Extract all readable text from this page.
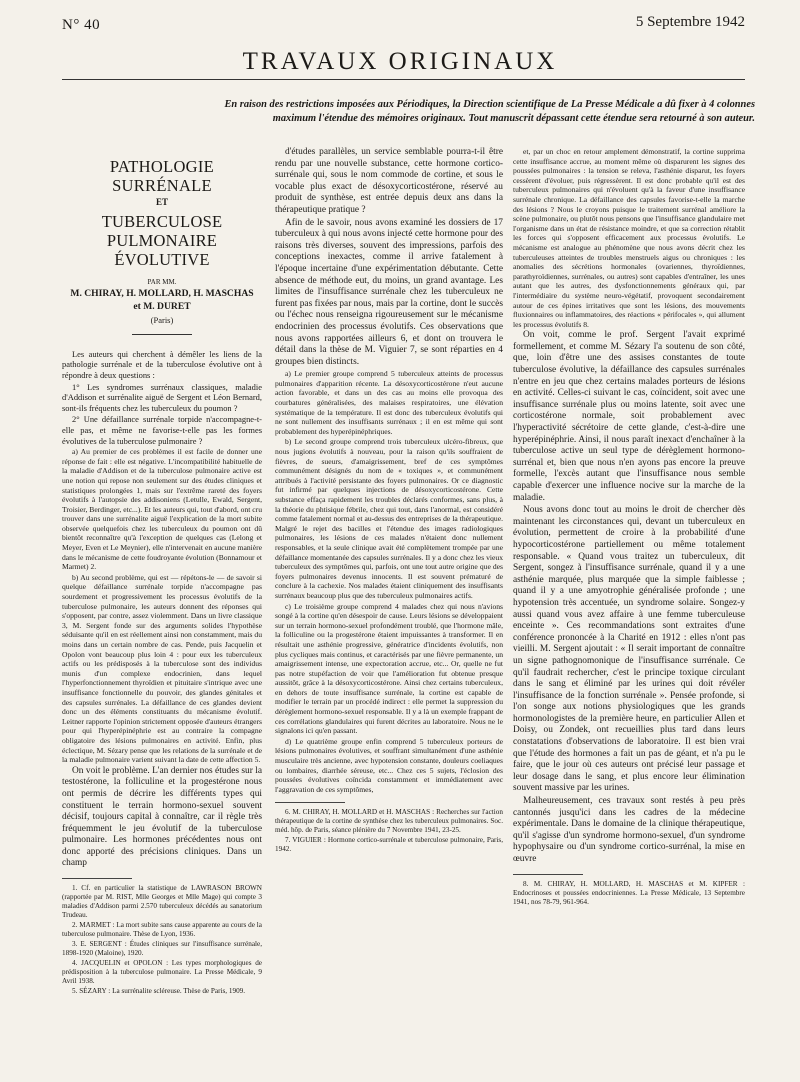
N° 40	5 Septembre 1942
TRAVAUX ORIGINAUX
En raison des restrictions imposées aux Périodiques, la Direction scientifique de La Presse Médicale a dû fixer à 4 colonnes maximum l'étendue des mémoires originaux. Tout manuscrit dépassant cette étendue sera retourné à son auteur.
PATHOLOGIE SURRÉNALE
ET
TUBERCULOSE PULMONAIRE ÉVOLUTIVE
PAR MM.
M. CHIRAY, H. MOLLARD, H. MASCHAS
et M. DURET
(Paris)

Les auteurs qui cherchent à démêler les liens de la pathologie surrénale et de la tuberculose évolutive ont à répondre à deux questions :

1° Les syndromes surrénaux classiques, maladie d'Addison et surrénalite aiguë de Sergent et Léon Bernard, sont-ils fréquents chez les tuberculeux du poumon ?

2° Une défaillance surrénale torpide n'accompagne-t-elle pas, et même ne favorise-t-elle pas les formes évolutives de la tuberculose pulmonaire ?

a) Au premier de ces problèmes il est facile de donner une réponse de fait : elle est négative. L'incompatibilité habituelle de la maladie d'Addison et de la tuberculose pulmonaire active est une notion qui repose non seulement sur des études cliniques et statistiques prolongées 1, mais sur l'extrême rareté des foyers évolutifs à l'autopsie des addisoniens (Letulle, Ewald, Sergent, Troisier, Berdinger, etc...). Et les auteurs qui, tout d'abord, ont cru trouver dans une surrénalite aiguë l'explication de la mort subite observée quelquefois chez les tuberculeux du poumon ont dû bientôt reconnaître qu'à l'exception de quelques cas (Lelong et Meyer, Even et Le Meynier), elle n'intervenait en aucune manière dans le mécanisme de cette foudroyante évolution (Bonnamour et Marmet) 2.

b) Au second problème, qui est — répétons-le — de savoir si quelque défaillance surrénale torpide n'accompagne pas sourdement et progressivement les processus évolutifs de la tuberculose pulmonaire, les auteurs donnent des réponses qui s'opposent, par contre, assez violemment. Dans un livre classique 3, M. Sergent fonde sur des arguments solides l'hypothèse séduisante qu'il en est réellement ainsi non constamment, mais du moins dans un certain nombre de cas. Pende, puis Jacquelin et Opolon vont beaucoup plus loin 4 : pour eux les tuberculeux actifs ou les prédisposés à la tuberculose sont des individus munis d'un complexe endocrinien, dans lequel l'hyperfonctionnement thyroïdien et pituitaire s'intrique avec une insuffisance fonctionnelle du pouvoir, des glandes génitales et des capsules surrénales. La défaillance de ces glandes devient donc un des éléments constituants du mécanisme évolutif. Leitner rapporte l'opinion strictement opposée d'auteurs étrangers pour qui l'hyperépinéphrie est au contraire la compagne obligatoire des lésions pulmonaires en activité. Enfin, plus éclectique, M. Sézary pense que les relations de la surrénale et de la maladie pulmonaire varient suivant la date de cette affection 5.

On voit le problème. L'an dernier nos études sur la testostérone, la folliculine et la progestérone nous ont permis de décrire les différents types qui constituent le terrain hormono-sexuel souvent décisif, toujours capital à connaître, car il règle très fréquemment le jeu évolutif de la tuberculose pulmonaire. Les hormones précédentes nous ont donc apporté des précisions cliniques. Dans un champ

1. Cf. en particulier la statistique de LAWRASON BROWN (rapportée par M. RIST, Mlle Georges et Mlle Mage) qui compte 3 maladies d'Addison parmi 2.570 tuberculeux décédés au sanatorium Trudeau.

2. MARMET : La mort subite sans cause apparente au cours de la tuberculose pulmonaire. Thèse de Lyon, 1936.

3. E. SERGENT : Études cliniques sur l'insuffisance surrénale, 1898-1920 (Maloine), 1920.

4. JACQUELIN et OPOLON : Les types morphologiques de prédisposition à la tuberculose pulmonaire. La Presse Médicale, 9 Avril 1938.

5. SÉZARY : La surrénalite scléreuse. Thèse de Paris, 1909.

d'études parallèles, un service semblable pourra-t-il être rendu par une nouvelle substance, cette hormone cortico-surrénale qui, sous le nom commode de cortine, et sous le vocable plus exact de désoxycorticostérone, réservé au produit de synthèse, est entrée depuis deux ans dans la thérapeutique pratique ?

Afin de le savoir, nous avons examiné les dossiers de 17 tuberculeux à qui nous avons injecté cette hormone pour des raisons très diverses, souvent des impressions, parfois des conceptions inexactes, comme il arrive fatalement à l'époque incertaine d'une expérimentation débutante. Cette absence de méthode eut, du moins, un grand avantage. Les limites de l'insuffisance surrénale chez les tuberculeux ne furent pas fixées par nous, mais par la cortine, dont le succès ou l'échec nous renseigna rigoureusement sur le mécanisme endocrinien des processus évolutifs. Ces observations que nous avons rapportées ailleurs 6, et dont on trouvera le détail dans la thèse de M. Viguier 7, se sont réparties en 4 groupes bien distincts.

a) Le premier groupe comprend 5 tuberculeux atteints de processus pulmonaires d'apparition récente. La désoxycorticostérone n'eut aucune action favorable, et dans un des cas au moins elle provoqua des courbatures généralisées, des malaises respiratoires, une élévation systématique de la température. Il est donc des tuberculeux évolutifs qui ne sont nullement des insuffisants surrénaux ; il en est même qui sont probablement des hyperépinéphriques.

b) Le second groupe comprend trois tuberculeux ulcéro-fibreux, que nous jugions évolutifs à nouveau, pour la raison qu'ils souffraient de fièvres, de sueurs, d'amaigrissement, bref de ces symptômes communément désignés du nom de « toxiques », et communément attribués à l'activité persistante des foyers pulmonaires. Or ce diagnostic fut infirmé par quelques injections de désoxycorticostérone. Cette substance effaça rapidement les troubles déclarés conformes, sans plus, à la théorie du phtisique fébrile, chez qui tout, dans l'anormal, est considéré comme fatalement normal et au-dessus des entreprises de la thérapeutique. Malgré le rejet des bacilles et l'étendue des images radiologiques pulmonaires, les lésions de ces malades n'étaient donc nullement responsables, et la seule clinique avait été complètement trompée par une défaillance momentanée des capsules surrénales. Il y a donc chez les vieux tuberculeux des symptômes qui, parfois, ont une tout autre origine que des foyers pulmonaires devenus innocents. Il est souvent prématuré de conclure à la cachexie. Nos malades étaient cliniquement des insuffisants surrénaux beaucoup plus que des tuberculeux pulmonaires actifs.

c) Le troisième groupe comprend 4 malades chez qui nous n'avions songé à la cortine qu'en désespoir de cause. Leurs lésions se développaient sur un terrain hormono-sexuel profondément troublé, que l'hormone mâle, la folliculine ou la progestérone étaient impuissantes à transformer. Il en résultait une asthénie progressive, génératrice d'incidents évolutifs, non plus cycliques mais continus, et caractérisés par une fièvre permanente, un amaigrissement intense, une expectoration accrue, etc... Or, quelle ne fut pas notre stupéfaction de voir que l'amélioration fut obtenue presque aussitôt, grâce à la désoxycorticostérone. Ainsi chez certains tuberculeux, en dehors de toute insuffisance surrénale, la cortine est capable de modifier le terrain par un procédé indirect : elle permet la suppression du dérèglement hormono-sexuel responsable. Il y a là un exemple frappant de ces corrélations glandulaires qui furent décrites au laboratoire. Nous ne le signalons ici qu'en passant.

d) Le quatrième groupe enfin comprend 5 tuberculeux porteurs de lésions pulmonaires évolutives, et souffrant simultanément d'une asthénie musculaire très ancienne, avec hypotension constante, douleurs coeliaques ou lombaires, diarrhée séreuse, etc... Chez ces 5 sujets, l'éclosion des poussées évolutives coïncida constamment et immédiatement avec l'aggravation de ces symptômes,

6. M. CHIRAY, H. MOLLARD et H. MASCHAS : Recherches sur l'action thérapeutique de la cortine de synthèse chez les tuberculeux pulmonaires. Soc. méd. hôp. de Paris, séance plénière du 7 Novembre 1941, 23-25.

7. VIGUIER : Hormone cortico-surrénale et tuberculose pulmonaire, Paris, 1942.

et, par un choc en retour amplement démonstratif, la cortine supprima cette insuffisance accrue, au moment même où disparurent les signes des poussées pulmonaires : la tension se releva, l'asthénie disparut, les foyers cessèrent d'évoluer, puis régressèrent. Il est donc probable qu'il est des tuberculeux pulmonaires qui n'évoluent qu'à la faveur d'une insuffisance surrénale chronique. La défaillance des capsules favorise-t-elle la marche des lésions ? Nous le croyons puisque le traitement surrénal améliore la scène pulmonaire, ou plutôt nous pensons que l'insuffisance glandulaire met l'organisme dans un état de résistance moindre, et que sa correction rétablit les forces qui s'opposent efficacement aux processus évolutifs. Le mécanisme est analogue au phénomène que nous avons décrit chez les tuberculeuses atteintes de troubles menstruels aigus ou chroniques : les anomalies des sécrétions hormonales (ovariennes, thyroïdiennes, parathyroïdiennes, surrénales, ou autres) sont capables d'entraîner, les unes autant que les autres, des dysfonctionnements généraux qui, par l'intermédiaire du système neuro-végétatif, provoquent secondairement autour de ces épines irritatives que sont les lésions, des mouvements fluxionnaires ou inflammatoires, des réactions « périfocales », qui allument les processus évolutifs 8.

On voit, comme le prof. Sergent l'avait exprimé formellement, et comme M. Sézary l'a soutenu de son côté, que, loin d'être une des assises constantes de toute tuberculose évolutive, la défaillance des capsules surrénales n'entre en jeu que chez certains malades porteurs de lésions en activité. Celles-ci suivant le cas, coïncident, soit avec une insuffisance surrénale plus ou moins latente, soit avec une corticostérone normale, soit probablement avec l'hyperactivité sécrétoire de cette glande, c'est-à-dire une hyperépinéphrie. Ainsi, il nous paraît inexact d'enchaîner à la tuberculose active un seul type de dérèglement hormono-surrénal et, bien que nous n'en ayons pas encore la preuve formelle, l'excès autant que l'insuffisance nous semble capable d'exercer une influence nocive sur la marche de la maladie.

Nous avons donc tout au moins le droit de chercher dès maintenant les circonstances qui, devant un tuberculeux en évolution, permettent de croire à la probabilité d'une hypocorticostérone partiellement ou même totalement responsable. « Quand vous traitez un tuberculeux, dit Sergent, songez à l'insuffisance surrénale, quand il y a une asthénie marquée, plus marquée que la simple faiblesse ; quand il y a une amyotrophie généralisée profonde ; une hypotension très accentuée, un syndrome solaire. Songez-y aussi quand vous avez affaire à une femme tuberculeuse enceinte ». Ces recommandations sont extraites d'une conférence prononcée à la Charité en 1912 : elles n'ont pas vieilli. M. Sergent ajoutait : « Il serait important de connaître un signe pathognomonique de l'insuffisance surrénale. Ce qu'il faudrait rechercher, c'est le principe toxique circulant dans le sang et éliminé par les urines qui doit révéler l'insuffisance de la fonction surrénale ». Pensée profonde, si l'on songe aux notions physiologiques que les grands hormonologistes de la première heure, en particulier Allen et Doisy, ou Zondek, ont recueillies plus tard dans leurs constatations d'observations de laboratoire. Il est bien vrai que l'étude des hormones a fait un pas de géant, et n'a pu le faire, que le jour où ces auteurs ont précisé leur passage et leur dosage dans le sang, et plus encore leur élimination souvent massive par les urines.

Malheureusement, ces travaux sont restés à peu près cantonnés jusqu'ici dans les cadres de la médecine expérimentale. Dans le domaine de la clinique thérapeutique, qu'il s'agisse d'un syndrome hormono-sexuel, d'un syndrome hypophysaire ou d'un syndrome cortico-surrénal, la mise en œuvre

8. M. CHIRAY, H. MOLLARD, H. MASCHAS et M. KIPFER : Endocrinoses et poussées endocriniennes. La Presse Médicale, 13 Septembre 1941, nos 78-79, 961-964.
